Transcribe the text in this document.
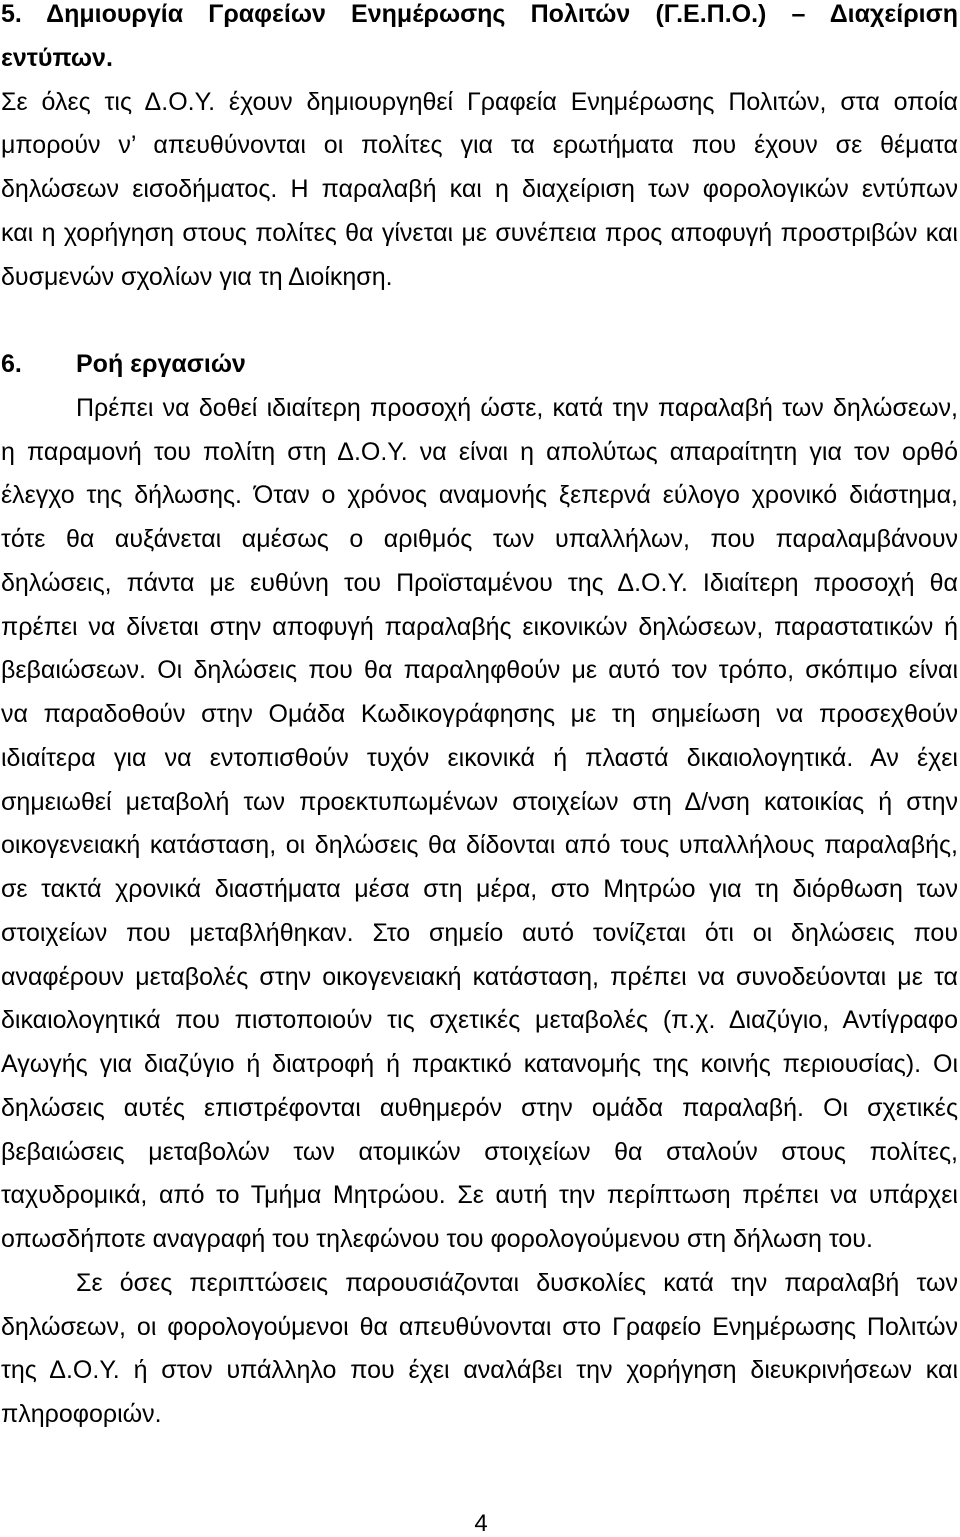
5. Δημιουργία Γραφείων Ενημέρωσης Πολιτών (Γ.Ε.Π.Ο.) – Διαχείριση
εντύπων.
Σε όλες τις Δ.Ο.Υ. έχουν δημιουργηθεί Γραφεία Ενημέρωσης Πολιτών, στα οποία
μπορούν ν’ απευθύνονται οι πολίτες για τα ερωτήματα που έχουν σε θέματα
δηλώσεων εισοδήματος. Η παραλαβή και η διαχείριση των φορολογικών εντύπων
και η χορήγηση στους πολίτες θα γίνεται με συνέπεια προς αποφυγή προστριβών και
δυσμενών σχολίων για τη Διοίκηση.
6. Ροή εργασιών
Πρέπει να δοθεί ιδιαίτερη προσοχή ώστε, κατά την παραλαβή των δηλώσεων,
η παραμονή του πολίτη στη Δ.Ο.Υ. να είναι η απολύτως απαραίτητη για τον ορθό
έλεγχο της δήλωσης. Όταν ο χρόνος αναμονής ξεπερνά εύλογο χρονικό διάστημα,
τότε θα αυξάνεται αμέσως ο αριθμός των υπαλλήλων, που παραλαμβάνουν
δηλώσεις, πάντα με ευθύνη του Προϊσταμένου της Δ.Ο.Υ. Ιδιαίτερη προσοχή θα
πρέπει να δίνεται στην αποφυγή παραλαβής εικονικών δηλώσεων, παραστατικών ή
βεβαιώσεων. Οι δηλώσεις που θα παραληφθούν με αυτό τον τρόπο, σκόπιμο είναι
να παραδοθούν στην Ομάδα Κωδικογράφησης με τη σημείωση να προσεχθούν
ιδιαίτερα για να εντοπισθούν τυχόν εικονικά ή πλαστά δικαιολογητικά. Αν έχει
σημειωθεί μεταβολή των προεκτυπωμένων στοιχείων στη Δ/νση κατοικίας ή στην
οικογενειακή κατάσταση, οι δηλώσεις θα δίδονται από τους υπαλλήλους παραλαβής,
σε τακτά χρονικά διαστήματα μέσα στη μέρα, στο Μητρώο για τη διόρθωση των
στοιχείων που μεταβλήθηκαν. Στο σημείο αυτό τονίζεται ότι οι δηλώσεις που
αναφέρουν μεταβολές στην οικογενειακή κατάσταση, πρέπει να συνοδεύονται με τα
δικαιολογητικά που πιστοποιούν τις σχετικές μεταβολές (π.χ. Διαζύγιο, Αντίγραφο
Αγωγής για διαζύγιο ή διατροφή ή πρακτικό κατανομής της κοινής περιουσίας). Οι
δηλώσεις αυτές επιστρέφονται αυθημερόν στην ομάδα παραλαβή. Οι σχετικές
βεβαιώσεις μεταβολών των ατομικών στοιχείων θα σταλούν στους πολίτες,
ταχυδρομικά, από το Τμήμα Μητρώου. Σε αυτή την περίπτωση πρέπει να υπάρχει
οπωσδήποτε αναγραφή του τηλεφώνου του φορολογούμενου στη δήλωση του.
Σε όσες περιπτώσεις παρουσιάζονται δυσκολίες κατά την παραλαβή των
δηλώσεων, οι φορολογούμενοι θα απευθύνονται στο Γραφείο Ενημέρωσης Πολιτών
της Δ.Ο.Υ. ή στον υπάλληλο που έχει αναλάβει την χορήγηση διευκρινήσεων και
πληροφοριών.
4
